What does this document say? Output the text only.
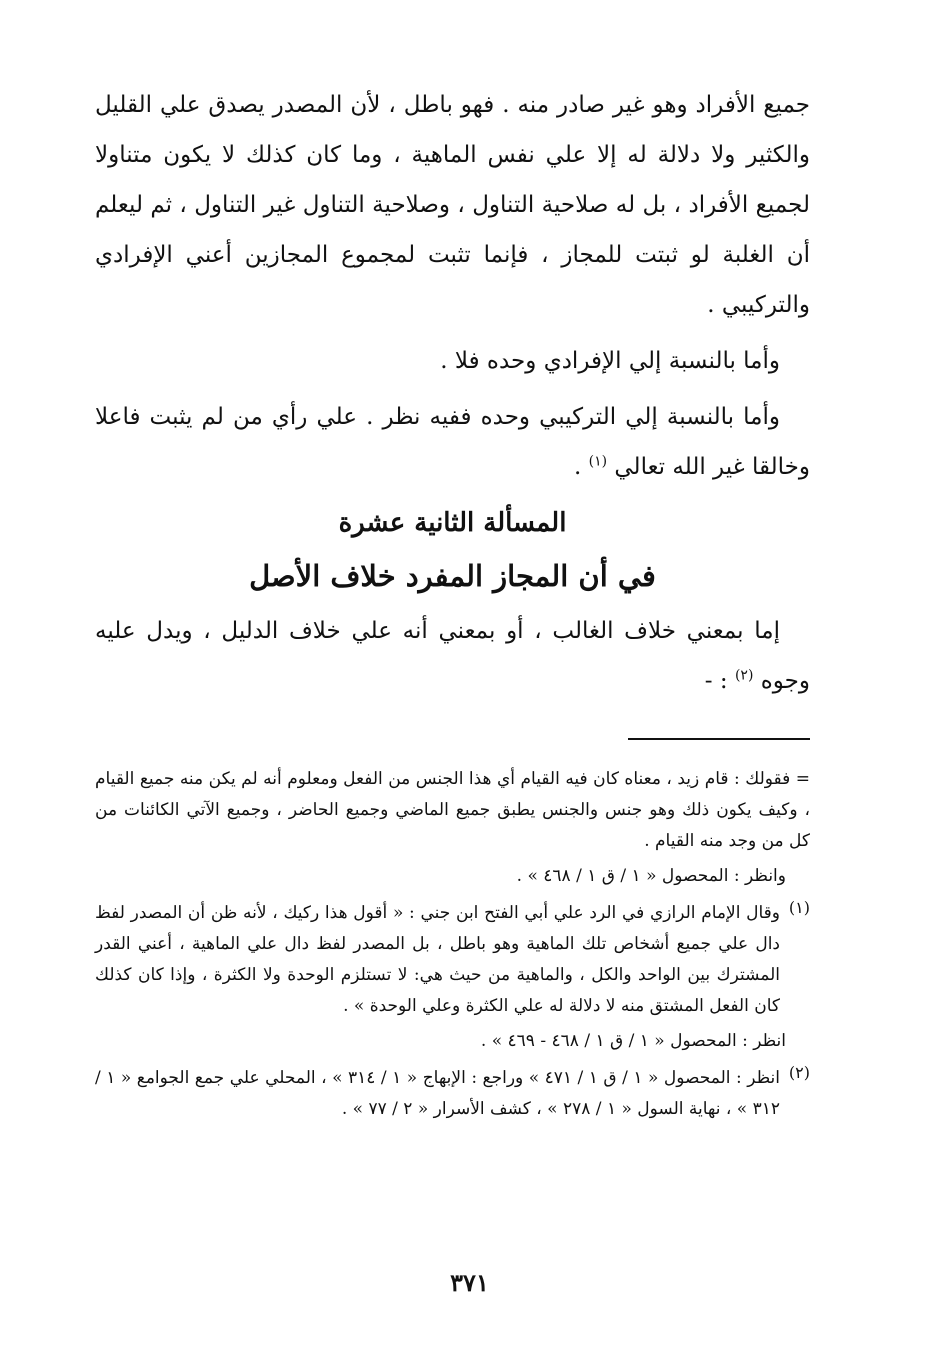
جميع الأفراد وهو غير صادر منه . فهو باطل ، لأن المصدر يصدق علي القليل والكثير ولا دلالة له إلا علي نفس الماهية ، وما كان كذلك لا يكون متناولا لجميع الأفراد ، بل له صلاحية التناول ، وصلاحية التناول غير التناول ، ثم ليعلم أن الغلبة لو ثبتت للمجاز ، فإنما تثبت لمجموع المجازين أعني الإفرادي والتركيبي .

وأما بالنسبة إلي الإفرادي وحده فلا .

وأما بالنسبة إلي التركيبي وحده ففيه نظر . علي رأي من لم يثبت فاعلا وخالقا غير الله تعالي $^{(١)}$ .

المسألة الثانية عشرة
في أن المجاز المفرد خلاف الأصل

إما بمعني خلاف الغالب ، أو بمعني أنه علي خلاف الدليل ، ويدل عليه وجوه $^{(٢)}$ : -

= فقولك : قام زيد ، معناه كان فيه القيام أي هذا الجنس من الفعل ومعلوم أنه لم يكن منه جميع القيام ، وكيف يكون ذلك وهو جنس والجنس يطبق جميع الماضي وجميع الحاضر ، وجميع الآتي الكائنات من كل من وجد منه القيام .

وانظر : المحصول « ١ / ق ١ / ٤٦٨ » .

(١)

وقال الإمام الرازي في الرد علي أبي الفتح ابن جني : « أقول هذا ركيك ، لأنه ظن أن المصدر لفظ دال علي جميع أشخاص تلك الماهية وهو باطل ، بل المصدر لفظ دال علي الماهية ، أعني القدر المشترك بين الواحد والكل ، والماهية من حيث هي: لا تستلزم الوحدة ولا الكثرة ، وإذا كان كذلك كان الفعل المشتق منه لا دلالة له علي الكثرة وعلي الوحدة » .

انظر : المحصول « ١ / ق ١ / ٤٦٨ - ٤٦٩ » .

(٢)

انظر : المحصول « ١ / ق ١ / ٤٧١ » وراجع : الإبهاج « ١ / ٣١٤ » ، المحلي علي جمع الجوامع « ١ / ٣١٢ » ، نهاية السول « ١ / ٢٧٨ » ، كشف الأسرار « ٢ / ٧٧ » .

٣٧١
